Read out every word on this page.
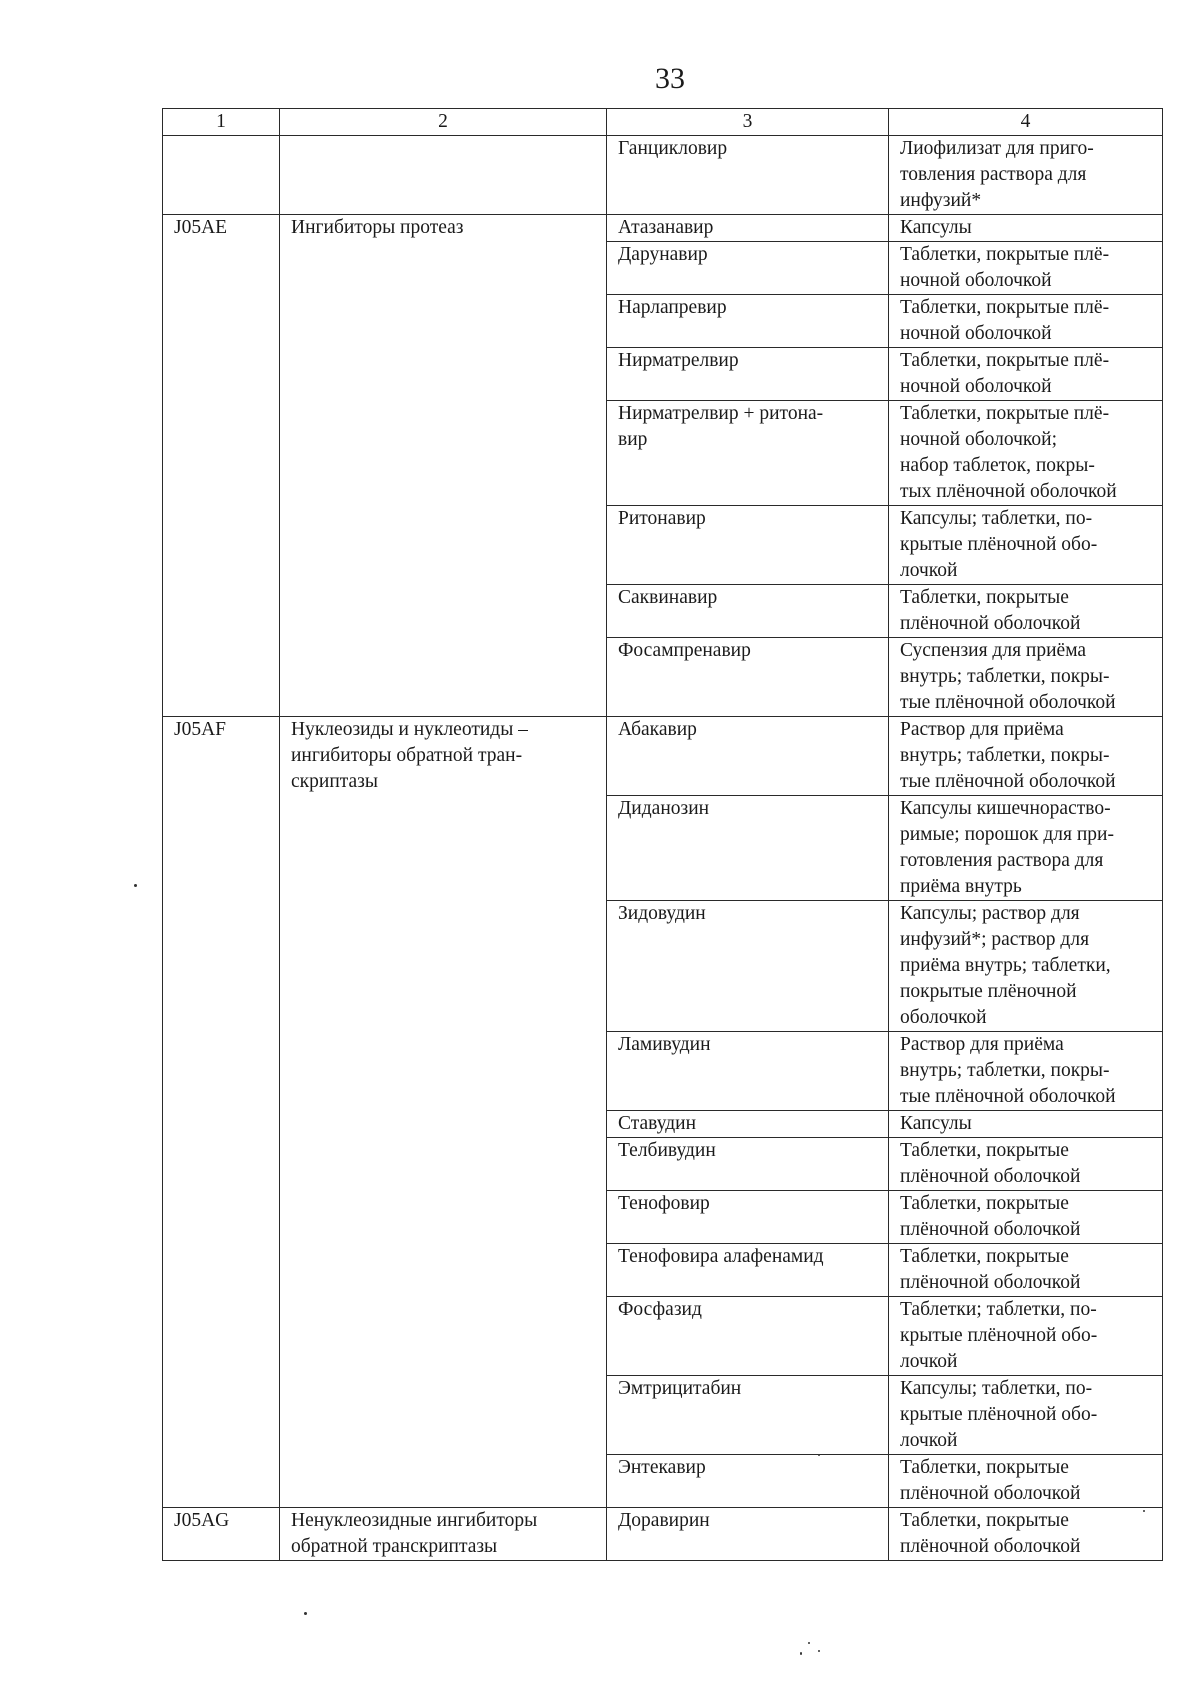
33
1	2	3	4

		Ганцикловир	Лиофилизат для приго-
товления раствора для
инфузий*

J05AE	Ингибиторы протеаз	Атазанавир	Капсулы

		Дарунавир	Таблетки, покрытые плё-
ночной оболочкой

		Нарлапревир	Таблетки, покрытые плё-
ночной оболочкой

		Нирматрелвир	Таблетки, покрытые плё-
ночной оболочкой

		Нирматрелвир + ритона-
вир	Таблетки, покрытые плё-
ночной оболочкой;
набор таблеток, покры-
тых плёночной оболочкой

		Ритонавир	Капсулы; таблетки, по-
крытые плёночной обо-
лочкой

		Саквинавир	Таблетки, покрытые
плёночной оболочкой

		Фосампренавир	Суспензия для приёма
внутрь; таблетки, покры-
тые плёночной оболочкой

J05AF	Нуклеозиды и нуклеотиды –
ингибиторы обратной тран-
скриптазы	Абакавир	Раствор для приёма
внутрь; таблетки, покры-
тые плёночной оболочкой

		Диданозин	Капсулы кишечнораство-
римые; порошок для при-
готовления раствора для
приёма внутрь

		Зидовудин	Капсулы; раствор для
инфузий*; раствор для
приёма внутрь; таблетки,
покрытые плёночной
оболочкой

		Ламивудин	Раствор для приёма
внутрь; таблетки, покры-
тые плёночной оболочкой

		Ставудин	Капсулы

		Телбивудин	Таблетки, покрытые
плёночной оболочкой

		Тенофовир	Таблетки, покрытые
плёночной оболочкой

		Тенофовира алафенамид	Таблетки, покрытые
плёночной оболочкой

		Фосфазид	Таблетки; таблетки, по-
крытые плёночной обо-
лочкой

		Эмтрицитабин	Капсулы; таблетки, по-
крытые плёночной обо-
лочкой

		Энтекавир	Таблетки, покрытые
плёночной оболочкой

J05AG	Ненуклеозидные ингибиторы
обратной транскриптазы	Доравирин	Таблетки, покрытые
плёночной оболочкой
